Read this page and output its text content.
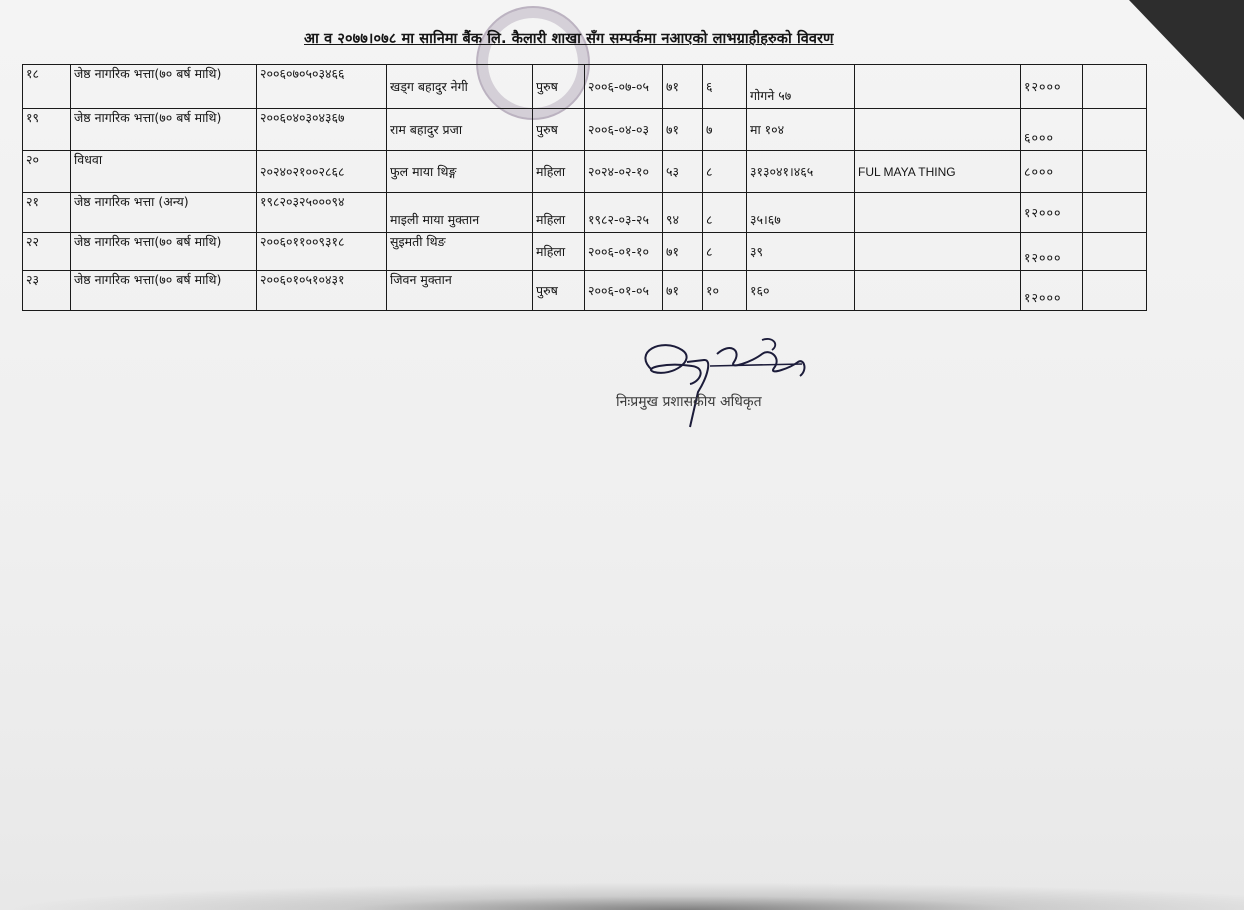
आ व २०७७।०७८ मा सानिमा बैंक लि. कैलारी शाखा सँग सम्पर्कमा नआएको लाभग्राहीहरुको विवरण
१८	जेष्ठ नागरिक भत्ता(७० बर्ष माथि)	२००६०७०५०३४६६	खड्ग बहादुर नेगी	पुरुष	२००६-०७-०५	७१	६	गोगने ५७		१२०००	
१९	जेष्ठ नागरिक भत्ता(७० बर्ष माथि)	२००६०४०३०४३६७	राम बहादुर प्रजा	पुरुष	२००६-०४-०३	७१	७	मा १०४		६०००	
२०	विधवा	२०२४०२१००२८६८	फुल माया थिङ्ग	महिला	२०२४-०२-१०	५३	८	३१३०४१।४६५	FUL MAYA THING	८०००	
२१	जेष्ठ नागरिक भत्ता (अन्य)	१९८२०३२५०००९४	माइली माया मुक्तान	महिला	१९८२-०३-२५	९४	८	३५।६७		१२०००	
२२	जेष्ठ नागरिक भत्ता(७० बर्ष माथि)	२००६०११००९३१८	सुइमती थिङ	महिला	२००६-०१-१०	७१	८	३९		१२०००	
२३	जेष्ठ नागरिक भत्ता(७० बर्ष माथि)	२००६०१०५१०४३१	जिवन मुक्तान	पुरुष	२००६-०१-०५	७१	१०	१६०		१२०००	
निःप्रमुख प्रशासकीय अधिकृत
